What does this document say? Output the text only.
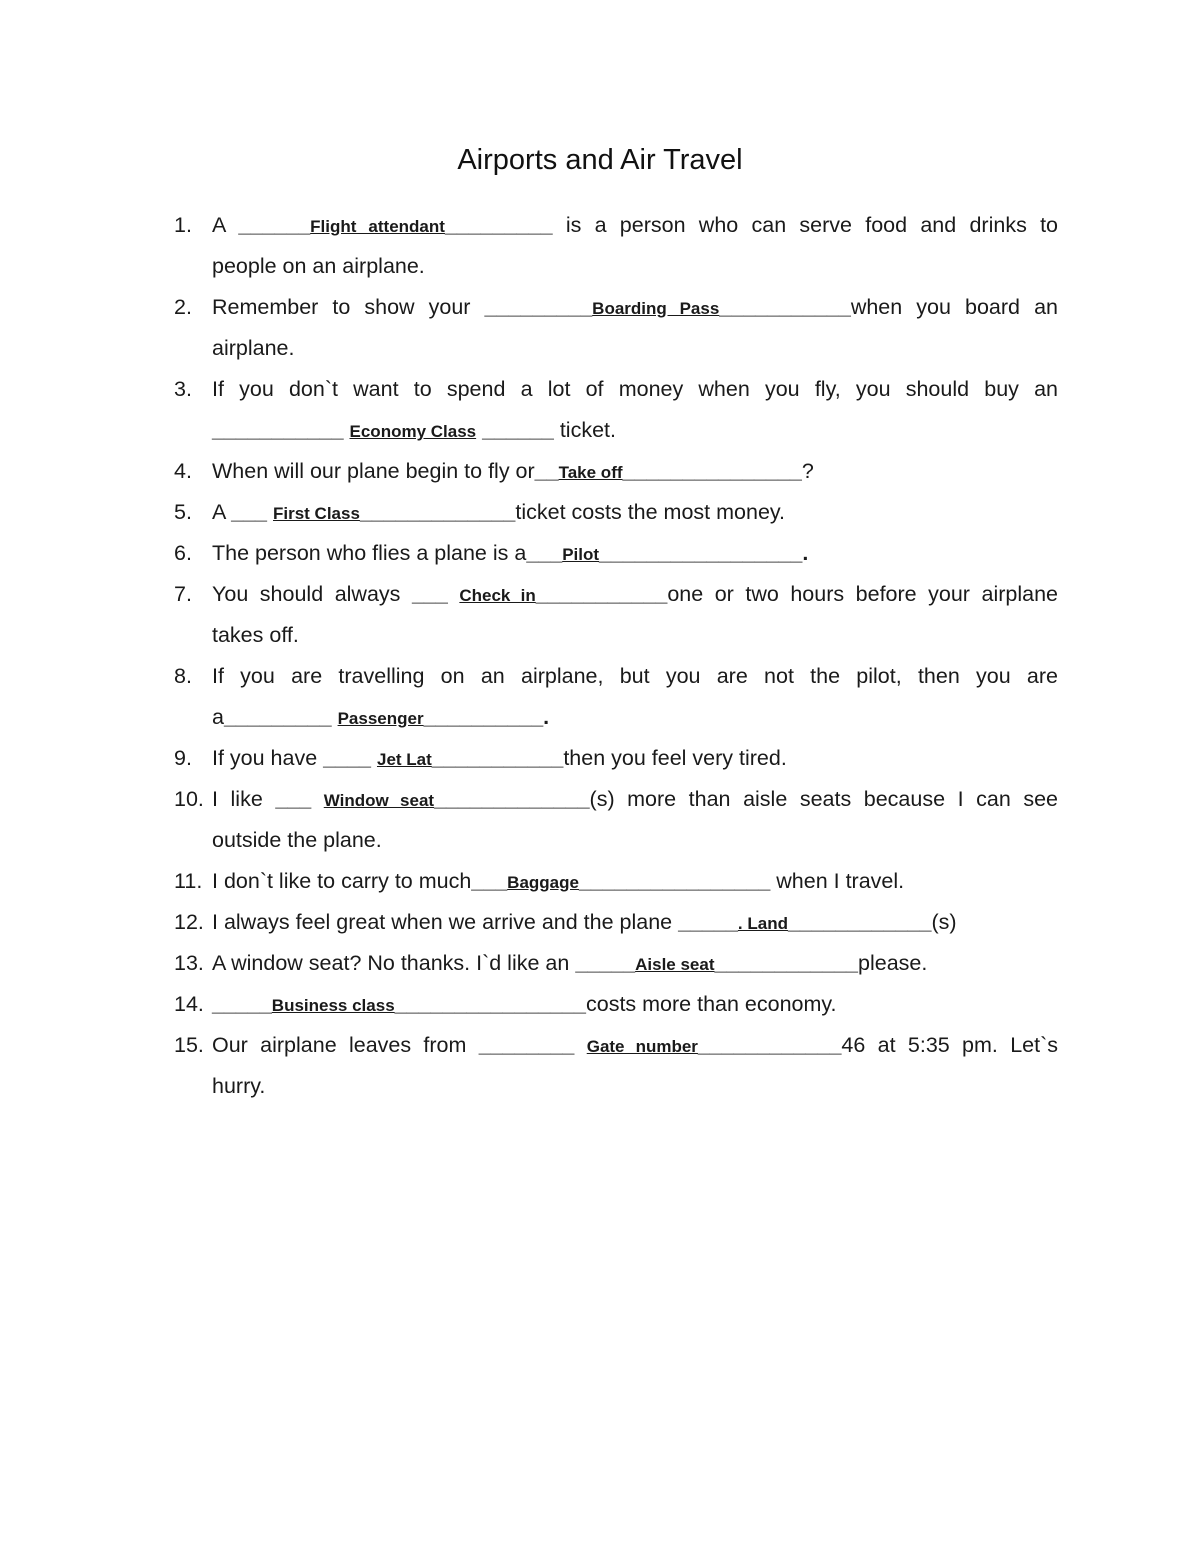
Airports and Air Travel
1. A ______Flight attendant_________ is a person who can serve food and drinks to
people on an airplane.
2. Remember to show your _________Boarding Pass___________when you board an
airplane.
3. If you don`t want to spend a lot of money when you fly, you should buy an
___________ Economy Class ______ ticket.
4. When will our plane begin to fly or__Take off_______________?
5. A ___ First Class_____________ticket costs the most money.
6. The person who flies a plane is a___Pilot_________________.
7. You should always ___ Check in___________one or two hours before your airplane
takes off.
8. If you are travelling on an airplane, but you are not the pilot, then you are
a_________ Passenger__________.
9. If you have ____ Jet Lat___________then you feel very tired.
10. I like ___ Window seat_____________(s) more than aisle seats because I can see
outside the plane.
11. I don`t like to carry to much___Baggage________________ when I travel.
12. I always feel great when we arrive and the plane _____. Land____________(s)
13. A window seat? No thanks. I`d like an _____Aisle seat____________please.
14. _____Business class________________costs more than economy.
15. Our airplane leaves from ________ Gate number____________46 at 5:35 pm. Let`s
hurry.
